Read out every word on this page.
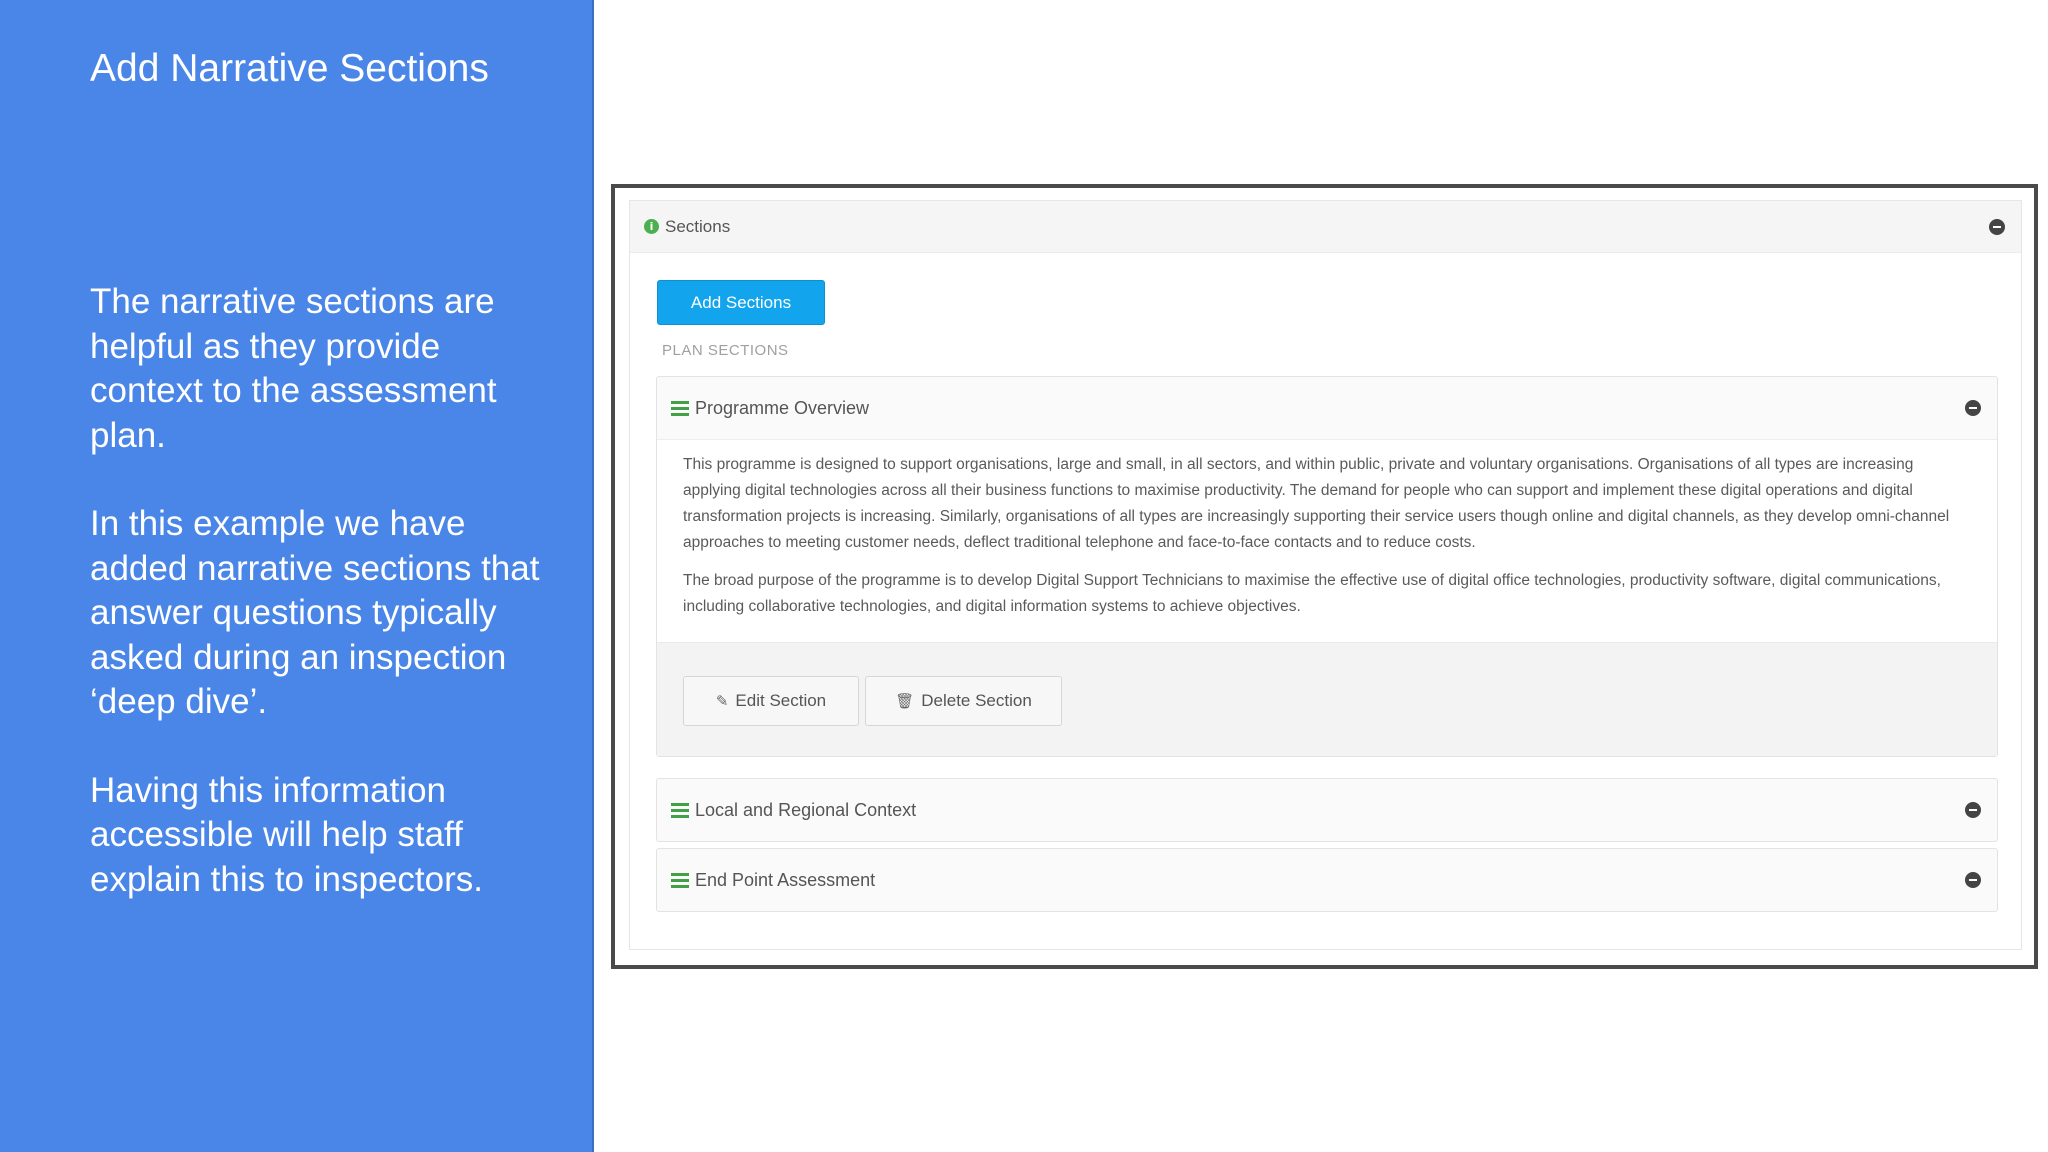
Add Narrative Sections

The narrative sections are helpful as they provide context to the assessment plan.

In this example we have added narrative sections that answer questions typically asked during an inspection ‘deep dive’.

Having this information accessible will help staff explain this to inspectors.

i Sections
Add Sections
PLAN SECTIONS
Programme Overview

This programme is designed to support organisations, large and small, in all sectors, and within public, private and voluntary organisations. Organisations of all types are increasing applying digital technologies across all their business functions to maximise productivity. The demand for people who can support and implement these digital operations and digital transformation projects is increasing. Similarly, organisations of all types are increasingly supporting their service users though online and digital channels, as they develop omni-channel approaches to meeting customer needs, deflect traditional telephone and face-to-face contacts and to reduce costs.

The broad purpose of the programme is to develop Digital Support Technicians to maximise the effective use of digital office technologies, productivity software, digital communications, including collaborative technologies, and digital information systems to achieve objectives.

✎ Edit Section	🗑 Delete Section
Local and Regional Context
End Point Assessment
